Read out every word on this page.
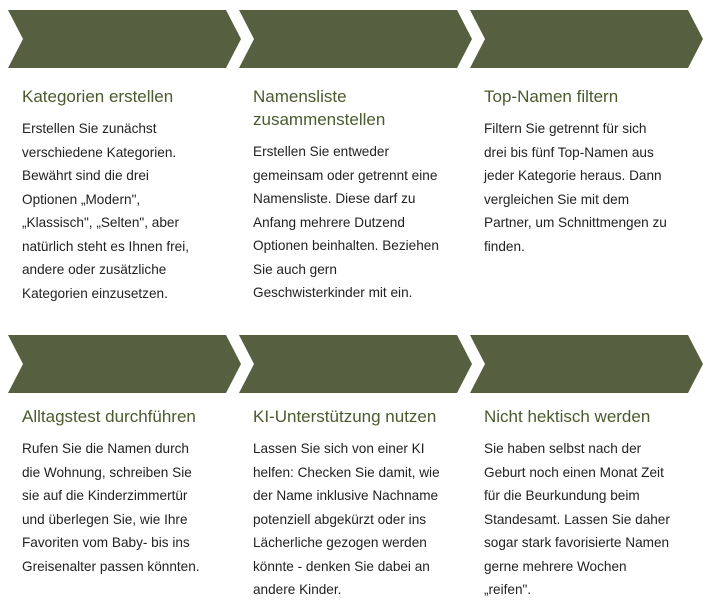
Kategorien erstellen

Erstellen Sie zunächst
verschiedene Kategorien.
Bewährt sind die drei
Optionen „Modern",
„Klassisch", „Selten", aber
natürlich steht es Ihnen frei,
andere oder zusätzliche
Kategorien einzusetzen.

Namensliste
zusammenstellen

Erstellen Sie entweder
gemeinsam oder getrennt eine
Namensliste. Diese darf zu
Anfang mehrere Dutzend
Optionen beinhalten. Beziehen
Sie auch gern
Geschwisterkinder mit ein.

Top-Namen filtern

Filtern Sie getrennt für sich
drei bis fünf Top-Namen aus
jeder Kategorie heraus. Dann
vergleichen Sie mit dem
Partner, um Schnittmengen zu
finden.

Alltagstest durchführen

Rufen Sie die Namen durch
die Wohnung, schreiben Sie
sie auf die Kinderzimmertür
und überlegen Sie, wie Ihre
Favoriten vom Baby- bis ins
Greisenalter passen könnten.

KI-Unterstützung nutzen

Lassen Sie sich von einer KI
helfen: Checken Sie damit, wie
der Name inklusive Nachname
potenziell abgekürzt oder ins
Lächerliche gezogen werden
könnte - denken Sie dabei an
andere Kinder.

Nicht hektisch werden

Sie haben selbst nach der
Geburt noch einen Monat Zeit
für die Beurkundung beim
Standesamt. Lassen Sie daher
sogar stark favorisierte Namen
gerne mehrere Wochen
„reifen".
